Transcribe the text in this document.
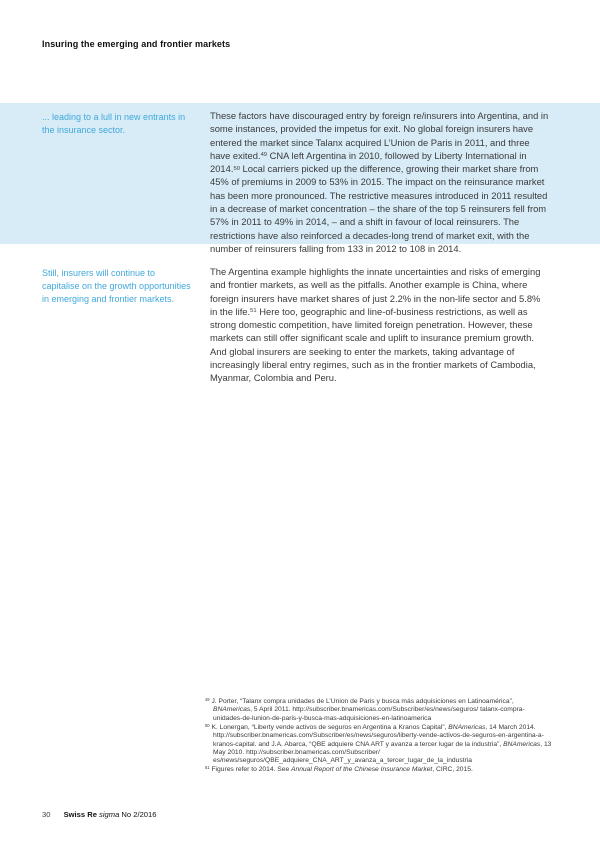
Insuring the emerging and frontier markets
... leading to a lull in new entrants in the insurance sector.
These factors have discouraged entry by foreign re/insurers into Argentina, and in some instances, provided the impetus for exit. No global foreign insurers have entered the market since Talanx acquired L’Union de Paris in 2011, and three have exited.$^{49}$ CNA left Argentina in 2010, followed by Liberty International in 2014.50 Local carriers picked up the difference, growing their market share from 45% of premiums in 2009 to 53% in 2015. The impact on the reinsurance market has been more pronounced. The restrictive measures introduced in 2011 resulted in a decrease of market concentration – the share of the top 5 reinsurers fell from 57% in 2011 to 49% in 2014, – and a shift in favour of local reinsurers. The restrictions have also reinforced a decades-long trend of market exit, with the number of reinsurers falling from 133 in 2012 to 108 in 2014.
Still, insurers will continue to capitalise on the growth opportunities in emerging and frontier markets.
The Argentina example highlights the innate uncertainties and risks of emerging and frontier markets, as well as the pitfalls. Another example is China, where foreign insurers have market shares of just 2.2% in the non-life sector and 5.8% in the life.$^{51}$ Here too, geographic and line-of-business restrictions, as well as strong domestic competition, have limited foreign penetration. However, these markets can still offer significant scale and uplift to insurance premium growth. And global insurers are seeking to enter the markets, taking advantage of increasingly liberal entry regimes, such as in the frontier markets of Cambodia, Myanmar, Colombia and Peru.
$^{49}$ J. Porter, “Talanx compra unidades de L’Union de Paris y busca más adquisiciones en Latinoamérica”, BNAmericas, 5 April 2011. http://subscriber.bnamericas.com/Subscriber/es/news/seguros/ talanx-compra-unidades-de-lunion-de-paris-y-busca-mas-adquisiciones-en-latinoamerica
$^{50}$ K. Lonergan, “Liberty vende activos de seguros en Argentina a Kranos Capital”, BNAmericas, 14 March 2014. http://subscriber.bnamericas.com/Subscriber/es/news/seguros/liberty-vende-activos-de-seguros-en-argentina-a-kranos-capital. and J.A. Abarca, “QBE adquiere CNA ART y avanza a tercer lugar de la industria”, BNAmericas, 13 May 2010. http://subscriber.bnamericas.com/Subscriber/ es/news/seguros/QBE_adquiere_CNA_ART_y_avanza_a_tercer_lugar_de_la_industria
$^{51}$ Figures refer to 2014. See Annual Report of the Chinese Insurance Market, CIRC, 2015.
30 Swiss Re sigma No 2/2016
